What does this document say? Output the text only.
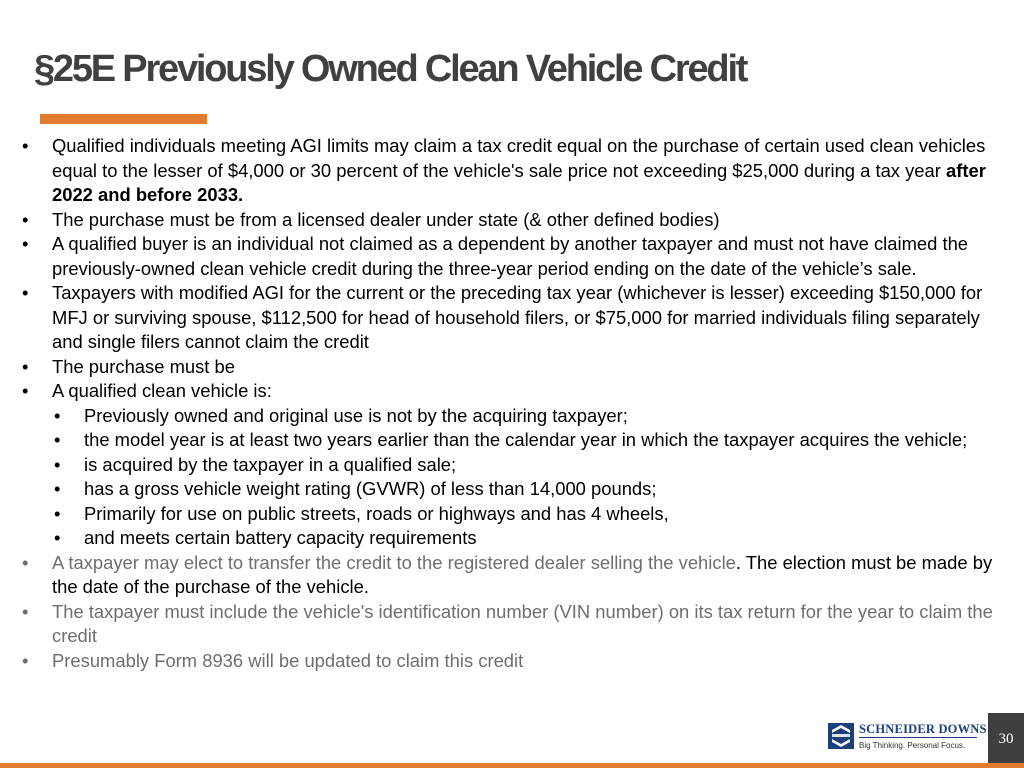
§25E Previously Owned Clean Vehicle Credit
• Qualified individuals meeting AGI limits may claim a tax credit equal on the purchase of certain used clean vehicles equal to the lesser of $4,000 or 30 percent of the vehicle's sale price not exceeding $25,000 during a tax year after 2022 and before 2033.
• The purchase must be from a licensed dealer under state (& other defined bodies)
• A qualified buyer is an individual not claimed as a dependent by another taxpayer and must not have claimed the previously-owned clean vehicle credit during the three-year period ending on the date of the vehicle’s sale.
• Taxpayers with modified AGI for the current or the preceding tax year (whichever is lesser) exceeding $150,000 for MFJ or surviving spouse, $112,500 for head of household filers, or $75,000 for married individuals filing separately and single filers cannot claim the credit
• The purchase must be
• A qualified clean vehicle is:
• Previously owned and original use is not by the acquiring taxpayer;
• the model year is at least two years earlier than the calendar year in which the taxpayer acquires the vehicle;
• is acquired by the taxpayer in a qualified sale;
• has a gross vehicle weight rating (GVWR) of less than 14,000 pounds;
• Primarily for use on public streets, roads or highways and has 4 wheels,
• and meets certain battery capacity requirements
• A taxpayer may elect to transfer the credit to the registered dealer selling the vehicle. The election must be made by the date of the purchase of the vehicle.
• The taxpayer must include the vehicle's identification number (VIN number) on its tax return for the year to claim the credit
• Presumably Form 8936 will be updated to claim this credit
SCHNEIDER DOWNS
Big Thinking. Personal Focus.	30
